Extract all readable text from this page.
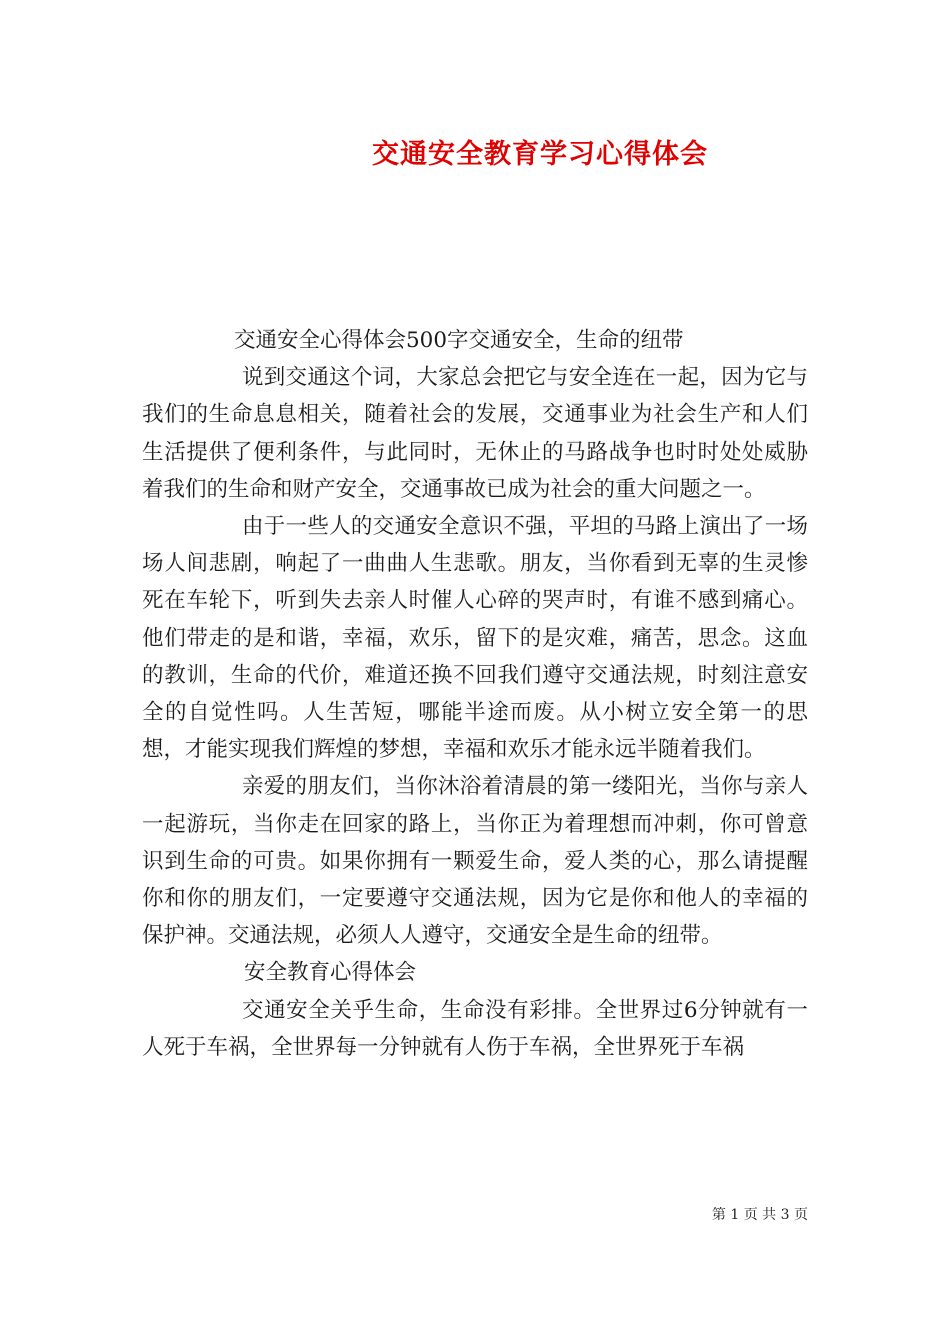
交通安全教育学习心得体会

交通安全心得体会500字交通安全，生命的纽带

说到交通这个词，大家总会把它与安全连在一起，因为它与我们的生命息息相关，随着社会的发展，交通事业为社会生产和人们生活提供了便利条件，与此同时，无休止的马路战争也时时处处威胁着我们的生命和财产安全，交通事故已成为社会的重大问题之一。

由于一些人的交通安全意识不强，平坦的马路上演出了一场场人间悲剧，响起了一曲曲人生悲歌。朋友，当你看到无辜的生灵惨死在车轮下，听到失去亲人时催人心碎的哭声时，有谁不感到痛心。他们带走的是和谐，幸福，欢乐，留下的是灾难，痛苦，思念。这血的教训，生命的代价，难道还换不回我们遵守交通法规，时刻注意安全的自觉性吗。人生苦短，哪能半途而废。从小树立安全第一的思想，才能实现我们辉煌的梦想，幸福和欢乐才能永远半随着我们。

亲爱的朋友们，当你沐浴着清晨的第一缕阳光，当你与亲人一起游玩，当你走在回家的路上，当你正为着理想而冲刺，你可曾意识到生命的可贵。如果你拥有一颗爱生命，爱人类的心，那么请提醒你和你的朋友们，一定要遵守交通法规，因为它是你和他人的幸福的保护神。交通法规，必须人人遵守，交通安全是生命的纽带。

安全教育心得体会

交通安全关乎生命，生命没有彩排。全世界过6分钟就有一人死于车祸，全世界每一分钟就有人伤于车祸，全世界死于车祸

第 1 页 共 3 页
